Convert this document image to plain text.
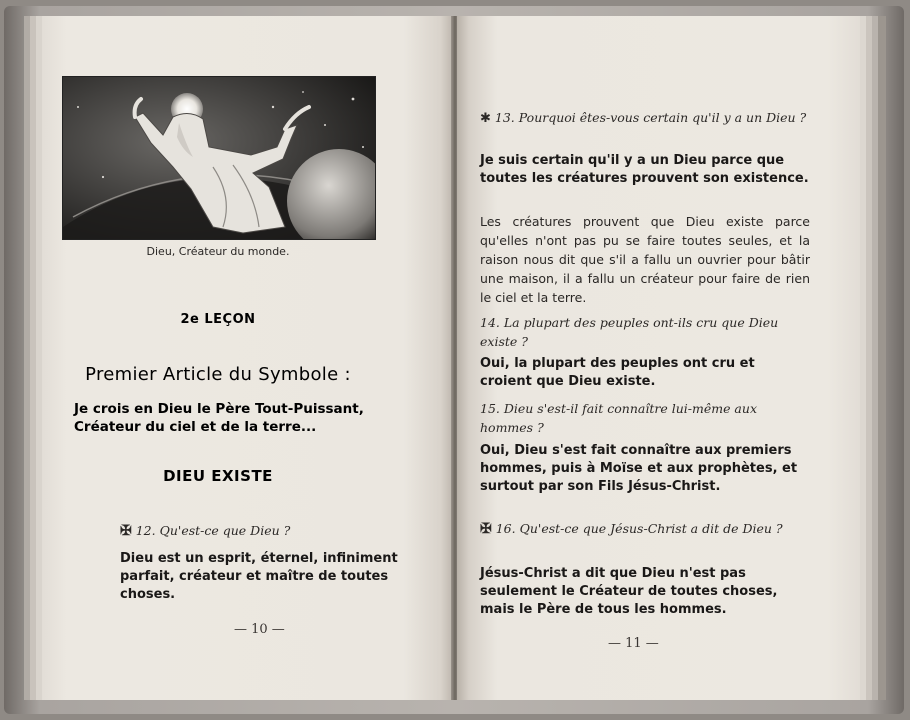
Dieu, Créateur du monde.
2e LEÇON
Premier Article du Symbole :
Je crois en Dieu le Père Tout-Puissant, Créateur du ciel et de la terre...
DIEU EXISTE
✠ 12. Qu'est-ce que Dieu ?
Dieu est un esprit, éternel, infiniment parfait, créateur et maître de toutes choses.
— 10 —
✱ 13. Pourquoi êtes-vous certain qu'il y a un Dieu ?
Je suis certain qu'il y a un Dieu parce que toutes les créatures prouvent son existence.
Les créatures prouvent que Dieu existe parce qu'elles n'ont pas pu se faire toutes seules, et la raison nous dit que s'il a fallu un ouvrier pour bâtir une maison, il a fallu un créateur pour faire de rien le ciel et la terre.
14. La plupart des peuples ont-ils cru que Dieu existe ?
Oui, la plupart des peuples ont cru et croient que Dieu existe.
15. Dieu s'est-il fait connaître lui-même aux hommes ?
Oui, Dieu s'est fait connaître aux premiers hommes, puis à Moïse et aux prophètes, et surtout par son Fils Jésus-Christ.
✠ 16. Qu'est-ce que Jésus-Christ a dit de Dieu ?
Jésus-Christ a dit que Dieu n'est pas seulement le Créateur de toutes choses, mais le Père de tous les hommes.
— 11 —
